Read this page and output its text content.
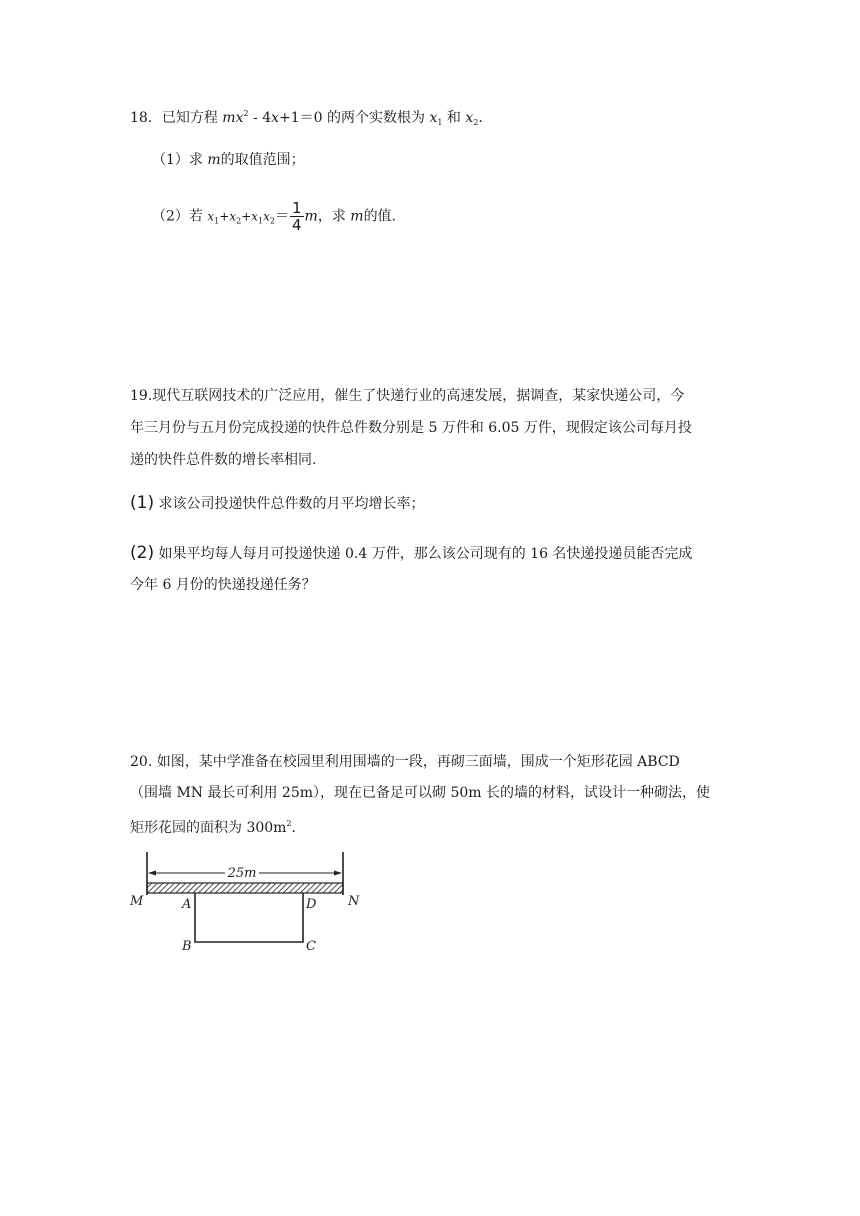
18．已知方程 $mx^2 - 4x+1=0$ 的两个实数根为 $x_1$ 和 $x_2$.
（1）求 m的取值范围；
（2）若 $x_1+x_2+x_1x_2= \frac{1}{4}$ m，求 m的值.
19.现代互联网技术的广泛应用，催生了快递行业的高速发展，据调查，某家快递公司，今
年三月份与五月份完成投递的快件总件数分别是 5 万件和 6.05 万件，现假定该公司每月投
递的快件总件数的增长率相同.
(1) 求该公司投递快件总件数的月平均增长率；
(2) 如果平均每人每月可投递快递 0.4 万件，那么该公司现有的 16 名快递投递员能否完成
今年 6 月份的快递投递任务？
20. 如图，某中学准备在校园里利用围墙的一段，再砌三面墙，围成一个矩形花园 ABCD
（围墙 MN 最长可利用 25m），现在已备足可以砌 50m 长的墙的材料，试设计一种砌法，使
矩形花园的面积为 $300m^2$.
25m
M	N
A	D
B	C
